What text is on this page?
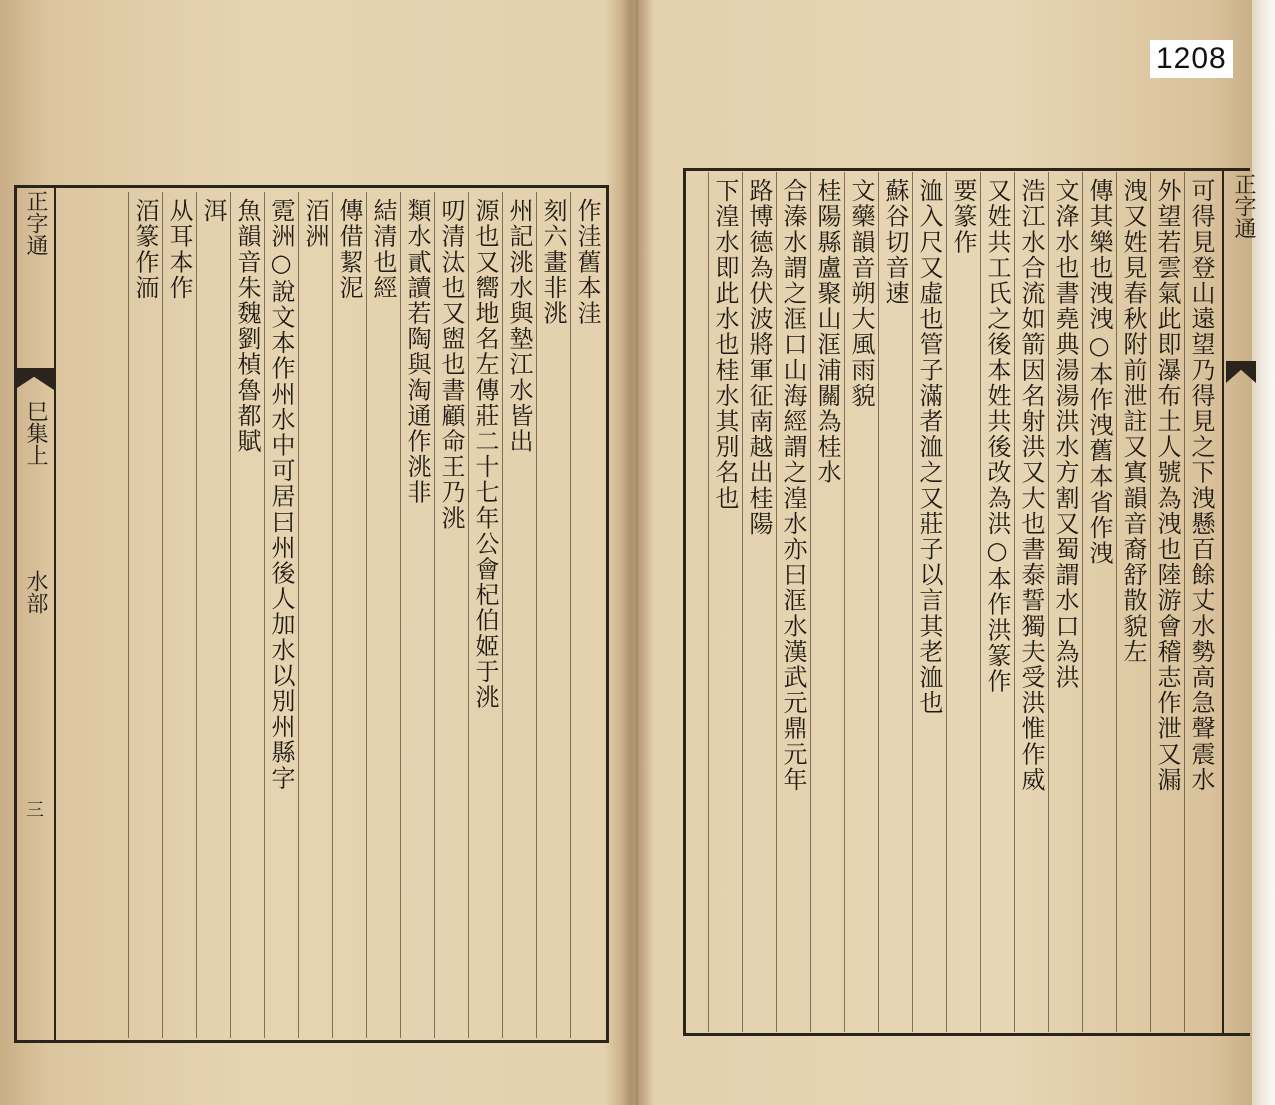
1208
正字通
巳集上
水部
三
作洼舊本洼
刻六畫非洮
州記洮水與墊江水皆出
源也又嚮地名左傳莊二十七年公會杞伯姬于洮
叨清汰也又盥也書顧命王乃洮
類水貳讀若陶與淘通作洮非
結清也經
傳借絜泥
洦洲
霓洲○說文本作州水中可居曰州後人加水以別州縣字
魚韻音朱魏劉楨魯都賦
洱
从耳本作
洦篆作洏	正字通
可得見登山遠望乃得見之下洩懸百餘丈水勢高急聲震水
外望若雲氣此即瀑布土人號為洩也陸游會稽志作泄又漏
洩又姓見春秋附前泄註又寘韻音裔舒散貌左
傳其樂也洩洩○本作洩舊本省作洩
文洚水也書堯典湯湯洪水方割又蜀謂水口為洪
浩江水合流如箭因名射洪又大也書泰誓獨夫受洪惟作威
又姓共工氏之後本姓共後改為洪○本作洪篆作
要篆作
洫入尺又虛也管子滿者洫之又莊子以言其老洫也
蘇谷切音速
文藥韻音朔大風雨貌
桂陽縣盧聚山洭浦關為桂水
合溱水謂之洭口山海經謂之湟水亦曰洭水漢武元鼎元年
路博德為伏波將軍征南越出桂陽
下湟水即此水也桂水其別名也
